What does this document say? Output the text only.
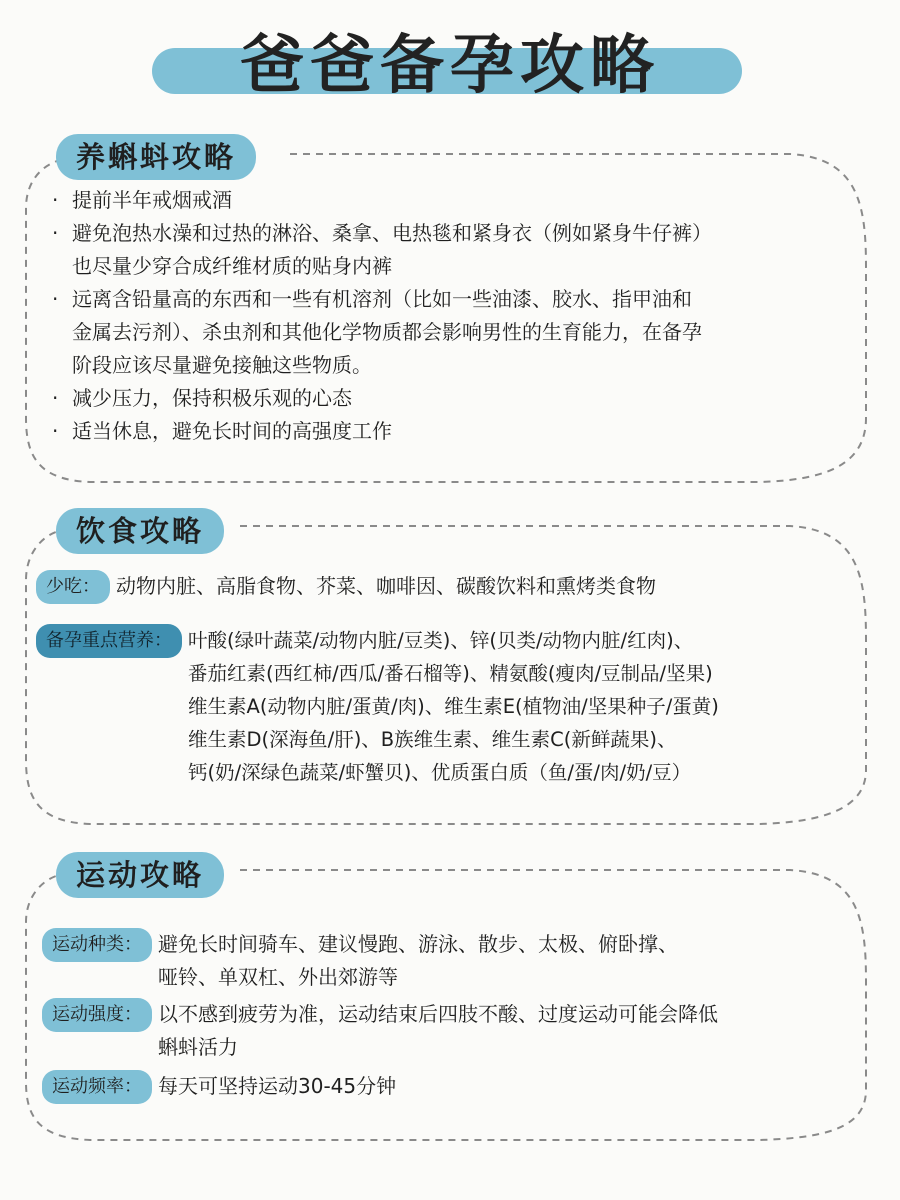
爸爸备孕攻略
养蝌蚪攻略
· 提前半年戒烟戒酒
· 避免泡热水澡和过热的淋浴、桑拿、电热毯和紧身衣（例如紧身牛仔裤）
也尽量少穿合成纤维材质的贴身内裤
· 远离含铅量高的东西和一些有机溶剂（比如一些油漆、胶水、指甲油和
金属去污剂）、杀虫剂和其他化学物质都会影响男性的生育能力，在备孕
阶段应该尽量避免接触这些物质。
· 减少压力，保持积极乐观的心态
· 适当休息，避免长时间的高强度工作
饮食攻略
少吃： 动物内脏、高脂食物、芥菜、咖啡因、碳酸饮料和熏烤类食物
备孕重点营养： 叶酸(绿叶蔬菜/动物内脏/豆类)、锌(贝类/动物内脏/红肉)、
番茄红素(西红柿/西瓜/番石榴等)、精氨酸(瘦肉/豆制品/坚果)
维生素A(动物内脏/蛋黄/肉)、维生素E(植物油/坚果种子/蛋黄)
维生素D(深海鱼/肝)、B族维生素、维生素C(新鲜蔬果)、
钙(奶/深绿色蔬菜/虾蟹贝)、优质蛋白质（鱼/蛋/肉/奶/豆）
运动攻略
运动种类： 避免长时间骑车、建议慢跑、游泳、散步、太极、俯卧撑、
哑铃、单双杠、外出郊游等
运动强度： 以不感到疲劳为准，运动结束后四肢不酸、过度运动可能会降低
蝌蚪活力
运动频率： 每天可坚持运动30-45分钟
